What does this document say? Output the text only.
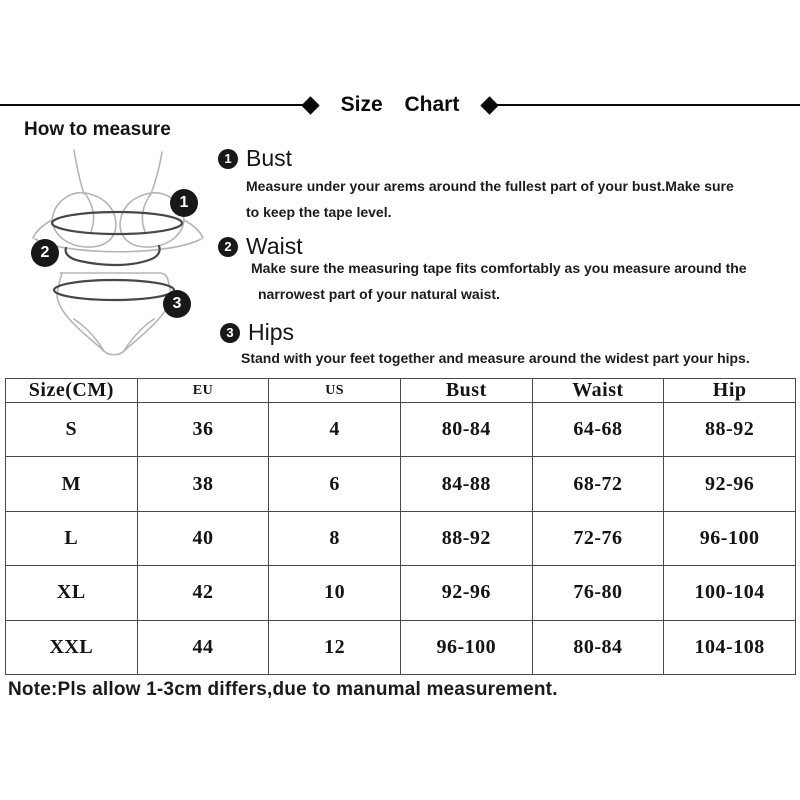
Size Chart
How to measure
1
2
3
1 Bust
Measure under your arems around the fullest part of your bust.Make sure
to keep the tape level.
2 Waist
Make sure the measuring tape fits comfortably as you measure around the
narrowest part of your natural waist.
3 Hips
Stand with your feet together and measure around the widest part your hips.
Size(CM)	EU	US	Bust	Waist	Hip
S	36	4	80-84	64-68	88-92
M	38	6	84-88	68-72	92-96
L	40	8	88-92	72-76	96-100
XL	42	10	92-96	76-80	100-104
XXL	44	12	96-100	80-84	104-108
Note:Pls allow 1-3cm differs,due to manumal measurement.
